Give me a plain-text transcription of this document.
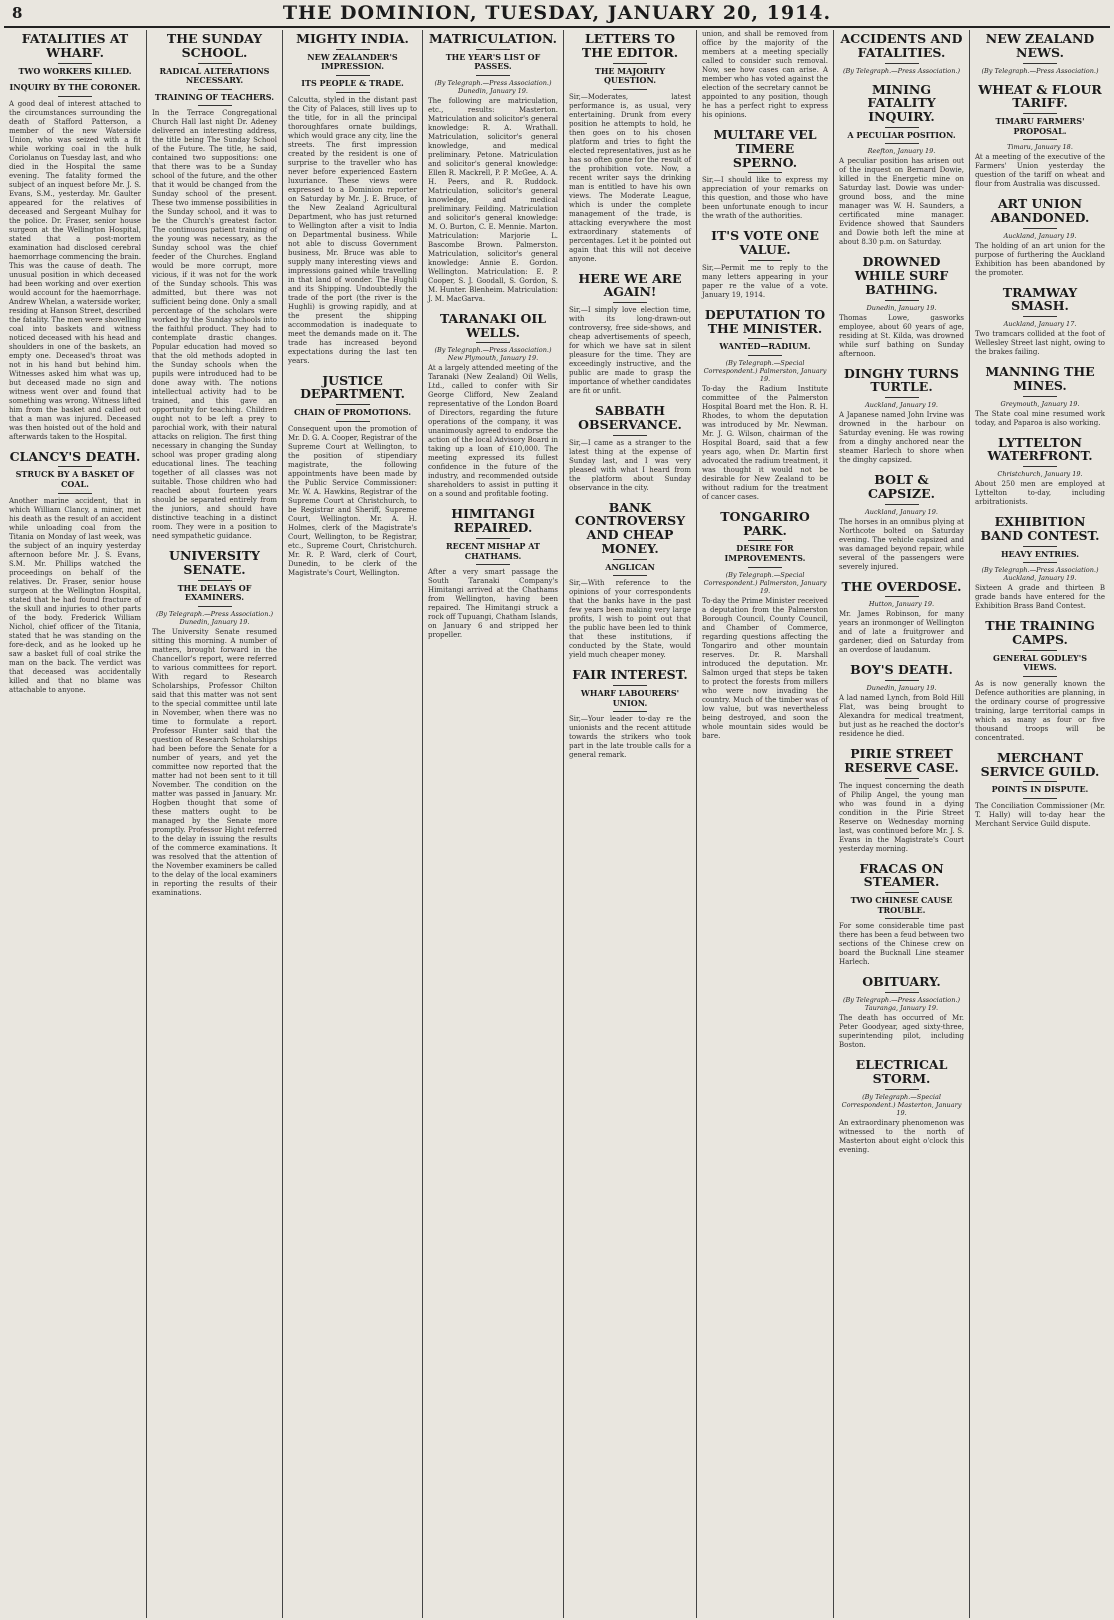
8	THE DOMINION, TUESDAY, JANUARY 20, 1914.
FATALITIES AT WHARF.
TWO WORKERS KILLED.
INQUIRY BY THE CORONER.
A good deal of interest attached to the circumstances surrounding the death of Stafford Patterson, a member of the new Waterside Union, who was seized with a fit while working coal in the hulk Coriolanus on Tuesday last, and who died in the Hospital the same evening. The fatality formed the subject of an inquest before Mr. J. S. Evans, S.M., yesterday. Mr. Gaulter appeared for the relatives of deceased and Sergeant Mulhay for the police. Dr. Fraser, senior house surgeon at the Wellington Hospital, stated that a post-mortem examination had disclosed cerebral haemorrhage commencing the brain. This was the cause of death. The unusual position in which deceased had been working and over exertion would account for the haemorrhage. Andrew Whelan, a waterside worker, residing at Hanson Street, described the fatality. The men were shovelling coal into baskets and witness noticed deceased with his head and shoulders in one of the baskets, an empty one. Deceased's throat was not in his hand but behind him. Witnesses asked him what was up, but deceased made no sign and witness went over and found that something was wrong. Witness lifted him from the basket and called out that a man was injured. Deceased was then hoisted out of the hold and afterwards taken to the Hospital.
CLANCY'S DEATH.
STRUCK BY A BASKET OF COAL.
Another marine accident, that in which William Clancy, a miner, met his death as the result of an accident while unloading coal from the Titania on Monday of last week, was the subject of an inquiry yesterday afternoon before Mr. J. S. Evans, S.M. Mr. Phillips watched the proceedings on behalf of the relatives. Dr. Fraser, senior house surgeon at the Wellington Hospital, stated that he had found fracture of the skull and injuries to other parts of the body. Frederick William Nichol, chief officer of the Titania, stated that he was standing on the fore-deck, and as he looked up he saw a basket full of coal strike the man on the back. The verdict was that deceased was accidentally killed and that no blame was attachable to anyone.
THE SUNDAY SCHOOL.
RADICAL ALTERATIONS NECESSARY.
TRAINING OF TEACHERS.
In the Terrace Congregational Church Hall last night Dr. Adeney delivered an interesting address, the title being The Sunday School of the Future. The title, he said, contained two suppositions: one that there was to be a Sunday school of the future, and the other that it would be changed from the Sunday school of the present. These two immense possibilities in the Sunday school, and it was to be the Church's greatest factor. The continuous patient training of the young was necessary, as the Sunday school was the chief feeder of the Churches. England would be more corrupt, more vicious, if it was not for the work of the Sunday schools. This was admitted, but there was not sufficient being done. Only a small percentage of the scholars were worked by the Sunday schools into the faithful product. They had to contemplate drastic changes. Popular education had moved so that the old methods adopted in the Sunday schools when the pupils were introduced had to be done away with. The notions intellectual activity had to be trained, and this gave an opportunity for teaching. Children ought not to be left a prey to parochial work, with their natural attacks on religion. The first thing necessary in changing the Sunday school was proper grading along educational lines. The teaching together of all classes was not suitable. Those children who had reached about fourteen years should be separated entirely from the juniors, and should have distinctive teaching in a distinct room. They were in a position to need sympathetic guidance.
UNIVERSITY SENATE.
THE DELAYS OF EXAMINERS.
(By Telegraph.—Press Association.) Dunedin, January 19.
The University Senate resumed sitting this morning. A number of matters, brought forward in the Chancellor's report, were referred to various committees for report. With regard to Research Scholarships, Professor Chilton said that this matter was not sent to the special committee until late in November, when there was no time to formulate a report. Professor Hunter said that the question of Research Scholarships had been before the Senate for a number of years, and yet the committee now reported that the matter had not been sent to it till November. The condition on the matter was passed in January. Mr. Hogben thought that some of these matters ought to be managed by the Senate more promptly. Professor Hight referred to the delay in issuing the results of the commerce examinations. It was resolved that the attention of the November examiners be called to the delay of the local examiners in reporting the results of their examinations.
MIGHTY INDIA.
NEW ZEALANDER'S IMPRESSION.
ITS PEOPLE & TRADE.
Calcutta, styled in the distant past the City of Palaces, still lives up to the title, for in all the principal thoroughfares ornate buildings, which would grace any city, line the streets. The first impression created by the resident is one of surprise to the traveller who has never before experienced Eastern luxuriance. These views were expressed to a Dominion reporter on Saturday by Mr. J. E. Bruce, of the New Zealand Agricultural Department, who has just returned to Wellington after a visit to India on Departmental business. While not able to discuss Government business, Mr. Bruce was able to supply many interesting views and impressions gained while travelling in that land of wonder. The Hughli and its Shipping. Undoubtedly the trade of the port (the river is the Hughli) is growing rapidly, and at the present the shipping accommodation is inadequate to meet the demands made on it. The trade has increased beyond expectations during the last ten years.
JUSTICE DEPARTMENT.
CHAIN OF PROMOTIONS.
Consequent upon the promotion of Mr. D. G. A. Cooper, Registrar of the Supreme Court at Wellington, to the position of stipendiary magistrate, the following appointments have been made by the Public Service Commissioner: Mr. W. A. Hawkins, Registrar of the Supreme Court at Christchurch, to be Registrar and Sheriff, Supreme Court, Wellington. Mr. A. H. Holmes, clerk of the Magistrate's Court, Wellington, to be Registrar, etc., Supreme Court, Christchurch. Mr. R. P. Ward, clerk of Court, Dunedin, to be clerk of the Magistrate's Court, Wellington.
MATRICULATION.
THE YEAR'S LIST OF PASSES.
(By Telegraph.—Press Association.) Dunedin, January 19.
The following are matriculation, etc., results: Masterton. Matriculation and solicitor's general knowledge: R. A. Wrathall. Matriculation, solicitor's general knowledge, and medical preliminary. Petone. Matriculation and solicitor's general knowledge: Ellen R. Mackrell, P. P. McGee, A. A. H. Peers, and R. Ruddock. Matriculation, solicitor's general knowledge, and medical preliminary. Feilding. Matriculation and solicitor's general knowledge: M. O. Burton, C. E. Mennie. Marton. Matriculation: Marjorie L. Bascombe Brown. Palmerston. Matriculation, solicitor's general knowledge: Annie E. Gordon. Wellington. Matriculation: E. P. Cooper, S. J. Goodall, S. Gordon, S. M. Hunter. Blenheim. Matriculation: J. M. MacGarva.
TARANAKI OIL WELLS.
(By Telegraph.—Press Association.) New Plymouth, January 19.
At a largely attended meeting of the Taranaki (New Zealand) Oil Wells, Ltd., called to confer with Sir George Clifford, New Zealand representative of the London Board of Directors, regarding the future operations of the company, it was unanimously agreed to endorse the action of the local Advisory Board in taking up a loan of £10,000. The meeting expressed its fullest confidence in the future of the industry, and recommended outside shareholders to assist in putting it on a sound and profitable footing.
HIMITANGI REPAIRED.
RECENT MISHAP AT CHATHAMS.
After a very smart passage the South Taranaki Company's Himitangi arrived at the Chathams from Wellington, having been repaired. The Himitangi struck a rock off Tupuangi, Chatham Islands, on January 6 and stripped her propeller.
LETTERS TO THE EDITOR.
THE MAJORITY QUESTION.
Sir,—Moderates, latest performance is, as usual, very entertaining. Drunk from every position he attempts to hold, he then goes on to his chosen platform and tries to fight the elected representatives, just as he has so often gone for the result of the prohibition vote. Now, a recent writer says the drinking man is entitled to have his own views. The Moderate League, which is under the complete management of the trade, is attacking everywhere the most extraordinary statements of percentages. Let it be pointed out again that this will not deceive anyone.
HERE WE ARE AGAIN!
Sir,—I simply love election time, with its long-drawn-out controversy, free side-shows, and cheap advertisements of speech, for which we have sat in silent pleasure for the time. They are exceedingly instructive, and the public are made to grasp the importance of whether candidates are fit or unfit.
SABBATH OBSERVANCE.
Sir,—I came as a stranger to the latest thing at the expense of Sunday last, and I was very pleased with what I heard from the platform about Sunday observance in the city.
BANK CONTROVERSY AND CHEAP MONEY.
ANGLICAN
Sir,—With reference to the opinions of your correspondents that the banks have in the past few years been making very large profits, I wish to point out that the public have been led to think that these institutions, if conducted by the State, would yield much cheaper money.
FAIR INTEREST.
WHARF LABOURERS' UNION.
Sir,—Your leader to-day re the unionists and the recent attitude towards the strikers who took part in the late trouble calls for a general remark.
union, and shall be removed from office by the majority of the members at a meeting specially called to consider such removal. Now, see how cases can arise. A member who has voted against the election of the secretary cannot be appointed to any position, though he has a perfect right to express his opinions.
MULTARE VEL TIMERE SPERNO.
Sir,—I should like to express my appreciation of your remarks on this question, and those who have been unfortunate enough to incur the wrath of the authorities.
IT'S VOTE ONE VALUE.
Sir,—Permit me to reply to the many letters appearing in your paper re the value of a vote. January 19, 1914.
DEPUTATION TO THE MINISTER.
WANTED—RADIUM.
(By Telegraph.—Special Correspondent.) Palmerston, January 19.
To-day the Radium Institute committee of the Palmerston Hospital Board met the Hon. R. H. Rhodes, to whom the deputation was introduced by Mr. Newman. Mr. J. G. Wilson, chairman of the Hospital Board, said that a few years ago, when Dr. Martin first advocated the radium treatment, it was thought it would not be desirable for New Zealand to be without radium for the treatment of cancer cases.
TONGARIRO PARK.
DESIRE FOR IMPROVEMENTS.
(By Telegraph.—Special Correspondent.) Palmerston, January 19.
To-day the Prime Minister received a deputation from the Palmerston Borough Council, County Council, and Chamber of Commerce, regarding questions affecting the Tongariro and other mountain reserves. Dr. R. Marshall introduced the deputation. Mr. Salmon urged that steps be taken to protect the forests from millers who were now invading the country. Much of the timber was of low value, but was nevertheless being destroyed, and soon the whole mountain sides would be bare.
ACCIDENTS AND FATALITIES.
(By Telegraph.—Press Association.)
MINING FATALITY INQUIRY.
A PECULIAR POSITION.
Reefton, January 19.
A peculiar position has arisen out of the inquest on Bernard Dowie, killed in the Energetic mine on Saturday last. Dowie was under-ground boss, and the mine manager was W. H. Saunders, a certificated mine manager. Evidence showed that Saunders and Dowie both left the mine at about 8.30 p.m. on Saturday.
DROWNED WHILE SURF BATHING.
Dunedin, January 19.
Thomas Lowe, gasworks employee, about 60 years of age, residing at St. Kilda, was drowned while surf bathing on Sunday afternoon.
DINGHY TURNS TURTLE.
Auckland, January 19.
A Japanese named John Irvine was drowned in the harbour on Saturday evening. He was rowing from a dinghy anchored near the steamer Harlech to shore when the dinghy capsized.
BOLT & CAPSIZE.
Auckland, January 19.
The horses in an omnibus plying at Northcote bolted on Saturday evening. The vehicle capsized and was damaged beyond repair, while several of the passengers were severely injured.
THE OVERDOSE.
Hutton, January 19.
Mr. James Robinson, for many years an ironmonger of Wellington and of late a fruitgrower and gardener, died on Saturday from an overdose of laudanum.
BOY'S DEATH.
Dunedin, January 19.
A lad named Lynch, from Bold Hill Flat, was being brought to Alexandra for medical treatment, but just as he reached the doctor's residence he died.
PIRIE STREET RESERVE CASE.
The inquest concerning the death of Philip Angel, the young man who was found in a dying condition in the Pirie Street Reserve on Wednesday morning last, was continued before Mr. J. S. Evans in the Magistrate's Court yesterday morning.
FRACAS ON STEAMER.
TWO CHINESE CAUSE TROUBLE.
For some considerable time past there has been a feud between two sections of the Chinese crew on board the Bucknall Line steamer Harlech.
OBITUARY.
(By Telegraph.—Press Association.) Tauranga, January 19.
The death has occurred of Mr. Peter Goodyear, aged sixty-three, superintending pilot, including Boston.
ELECTRICAL STORM.
(By Telegraph.—Special Correspondent.) Masterton, January 19.
An extraordinary phenomenon was witnessed to the north of Masterton about eight o'clock this evening.
NEW ZEALAND NEWS.
(By Telegraph.—Press Association.)
WHEAT & FLOUR TARIFF.
TIMARU FARMERS' PROPOSAL.
Timaru, January 18.
At a meeting of the executive of the Farmers' Union yesterday the question of the tariff on wheat and flour from Australia was discussed.
ART UNION ABANDONED.
Auckland, January 19.
The holding of an art union for the purpose of furthering the Auckland Exhibition has been abandoned by the promoter.
TRAMWAY SMASH.
Auckland, January 17.
Two tramcars collided at the foot of Wellesley Street last night, owing to the brakes failing.
MANNING THE MINES.
Greymouth, January 19.
The State coal mine resumed work today, and Paparoa is also working.
LYTTELTON WATERFRONT.
Christchurch, January 19.
About 250 men are employed at Lyttelton to-day, including arbitrationists.
EXHIBITION BAND CONTEST.
HEAVY ENTRIES.
(By Telegraph.—Press Association.) Auckland, January 19.
Sixteen A grade and thirteen B grade bands have entered for the Exhibition Brass Band Contest.
THE TRAINING CAMPS.
GENERAL GODLEY'S VIEWS.
As is now generally known the Defence authorities are planning, in the ordinary course of progressive training, large territorial camps in which as many as four or five thousand troops will be concentrated.
MERCHANT SERVICE GUILD.
POINTS IN DISPUTE.
The Conciliation Commissioner (Mr. T. Hally) will to-day hear the Merchant Service Guild dispute.
